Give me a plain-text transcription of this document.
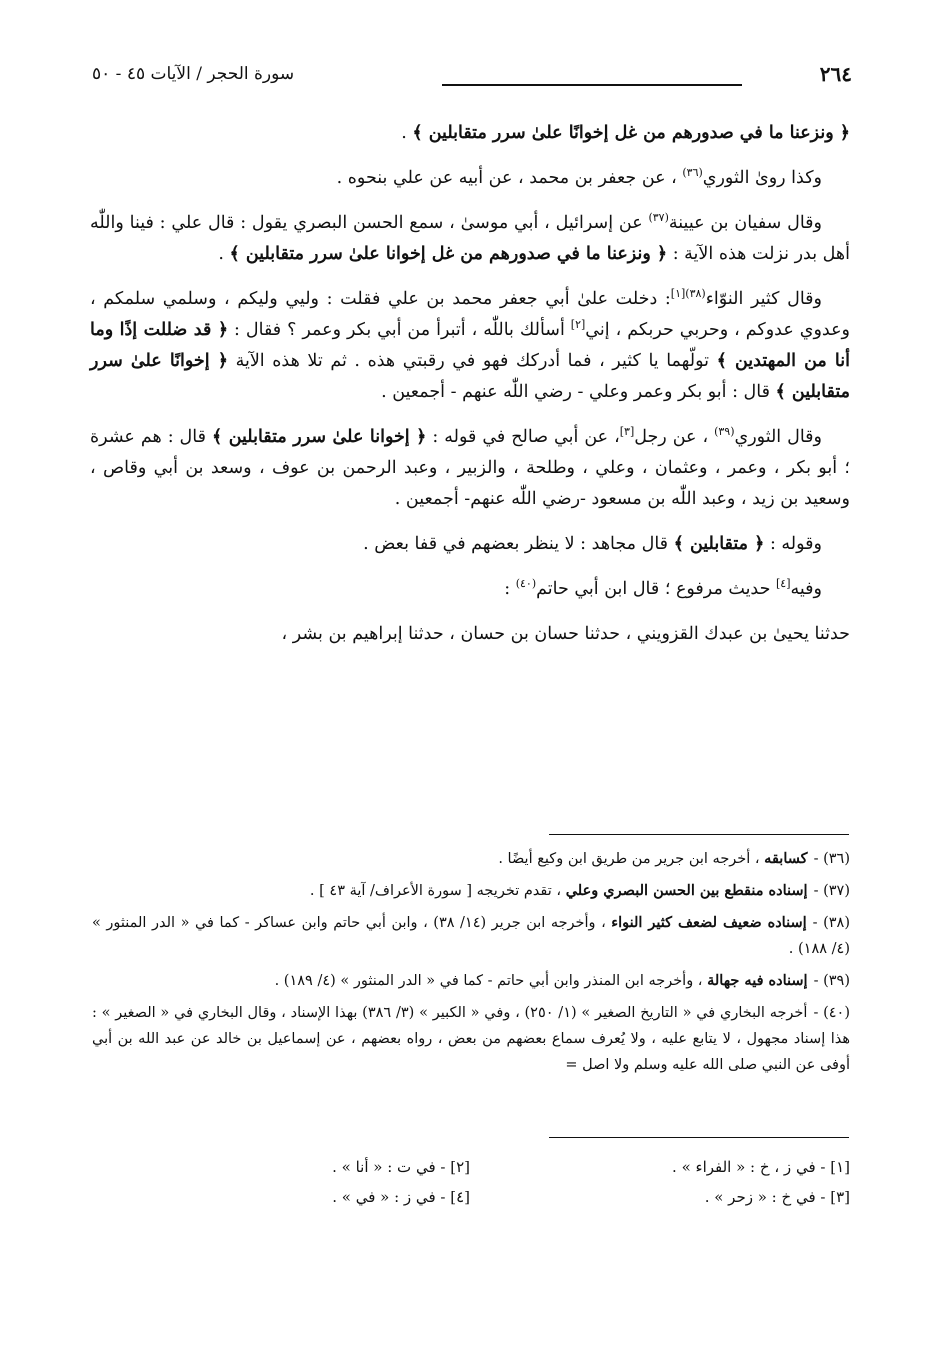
٢٦٤
سورة الحجر / الآيات ٤٥ - ٥٠

﴿ ونزعنا ما في صدورهم من غل إخوانًا علىٰ سرر متقابلين ﴾ .

وكذا رویٰ الثوري$^{(٣٦)}$ ، عن جعفر بن محمد ، عن أبيه عن علي بنحوه .

وقال سفيان بن عيينة$^{(٣٧)}$ عن إسرائيل ، أبي موسیٰ ، سمع الحسن البصري يقول : قال علي : فينا واللّٰه أهل بدر نزلت هذه الآية : ﴿ ونزعنا ما في صدورهم من غل إخوانا علىٰ سرر متقابلين ﴾ .

وقال كثير النوّاء$^{(٣٨)[١]}$: دخلت علىٰ أبي جعفر محمد بن علي فقلت : وليي وليكم ، وسلمي سلمكم ، وعدوي عدوكم ، وحربي حربكم ، إني[٢] أسألك باللّٰه ، أتبرأ من أبي بكر وعمر ؟ فقال : ﴿ قد ضللت إذًا وما أنا من المهتدين ﴾ تولّهما يا كثير ، فما أدركك فهو في رقبتي هذه . ثم تلا هذه الآية ﴿ إخوانًا علىٰ سرر متقابلين ﴾ قال : أبو بكر وعمر وعلي - رضي اللّٰه عنهم - أجمعين .

وقال الثوري$^{(٣٩)}$ ، عن رجل[٣]، عن أبي صالح في قوله : ﴿ إخوانا علىٰ سرر متقابلين ﴾ قال : هم عشرة ؛ أبو بكر ، وعمر ، وعثمان ، وعلي ، وطلحة ، والزبير ، وعبد الرحمن بن عوف ، وسعد بن أبي وقاص ، وسعيد بن زيد ، وعبد اللّٰه بن مسعود -رضي اللّٰه عنهم- أجمعين .

وقوله : ﴿ متقابلين ﴾ قال مجاهد : لا ينظر بعضهم في قفا بعض .

وفيه[٤] حديث مرفوع ؛ قال ابن أبي حاتم$^{(٤٠)}$ :

حدثنا يحيیٰ بن عبدك القزويني ، حدثنا حسان بن حسان ، حدثنا إبراهيم بن بشر ،

(٣٦) -كسابقه ، أخرجه ابن جرير من طريق ابن وكيع أيضًا .

(٣٧) -إسناده منقطع بين الحسن البصري وعلي ، تقدم تخريجه [ سورة الأعراف/ آية ٤٣ ] .

(٣٨) -إسناده ضعيف لضعف كثير النواء ، وأخرجه ابن جرير (١٤/ ٣٨) ، وابن أبي حاتم وابن عساكر - كما في « الدر المنثور » (٤/ ١٨٨) .

(٣٩) -إسناده فيه جهالة ، وأخرجه ابن المنذر وابن أبي حاتم - كما في « الدر المنثور » (٤/ ١٨٩) .

(٤٠) -أخرجه البخاري في « التاريخ الصغير » (١/ ٢٥٠) ، وفي « الكبير » (٣/ ٣٨٦) بهذا الإسناد ، وقال البخاري في « الصغير » : هذا إسناد مجهول ، لا يتابع عليه ، ولا يُعرف سماع بعضهم من بعض ، رواه بعضهم ، عن إسماعيل بن خالد عن عبد الله بن أبي أوفى عن النبي صلى الله عليه وسلم ولا اصل =

[١] - في ز ، خ : « الفراء » .
[٢] - في ت : « أنا » .
[٣] - في خ : « زحر » .
[٤] - في ز : « في » .
